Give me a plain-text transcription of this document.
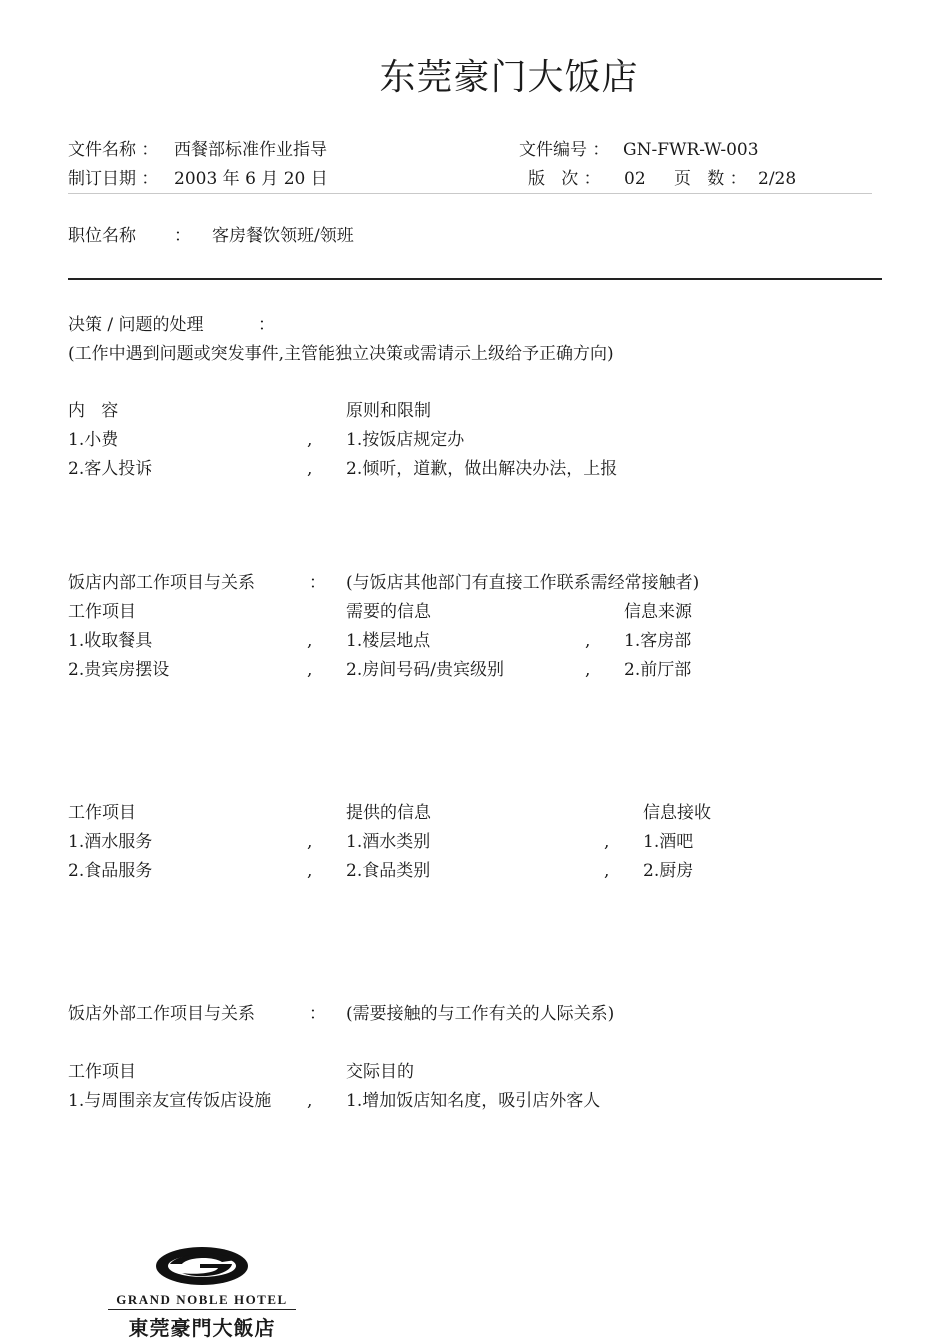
东莞豪门大饭店
文件名称 ： 西餐部标准作业指导	文件编号 ： GN-FWR-W-003
制订日期 ： 2003 年 6 月 20 日	版   次 ： 02 页   数 ： 2/28
职位名称 ： 客房餐饮领班/领班
决策 / 问题的处理	：
(工作中遇到问题或突发事件,主管能独立决策或需请示上级给予正确方向)
内   容	原则和限制
1.小费	, 1.按饭店规定办
2.客人投诉	, 2.倾听，道歉，做出解决办法，上报
饭店内部工作项目与关系	： (与饭店其他部门有直接工作联系需经常接触者)
工作项目	需要的信息	信息来源
1.收取餐具	, 1.楼层地点	, 1.客房部
2.贵宾房摆设	, 2.房间号码/贵宾级别	, 2.前厅部
工作项目	提供的信息	信息接收
1.酒水服务	, 1.酒水类别	, 1.酒吧
2.食品服务	, 2.食品类别	, 2.厨房
饭店外部工作项目与关系	： (需要接触的与工作有关的人际关系)
工作项目	交际目的
1.与周围亲友宣传饭店设施 , 1.增加饭店知名度，吸引店外客人
GRAND NOBLE HOTEL
東莞豪門大飯店
